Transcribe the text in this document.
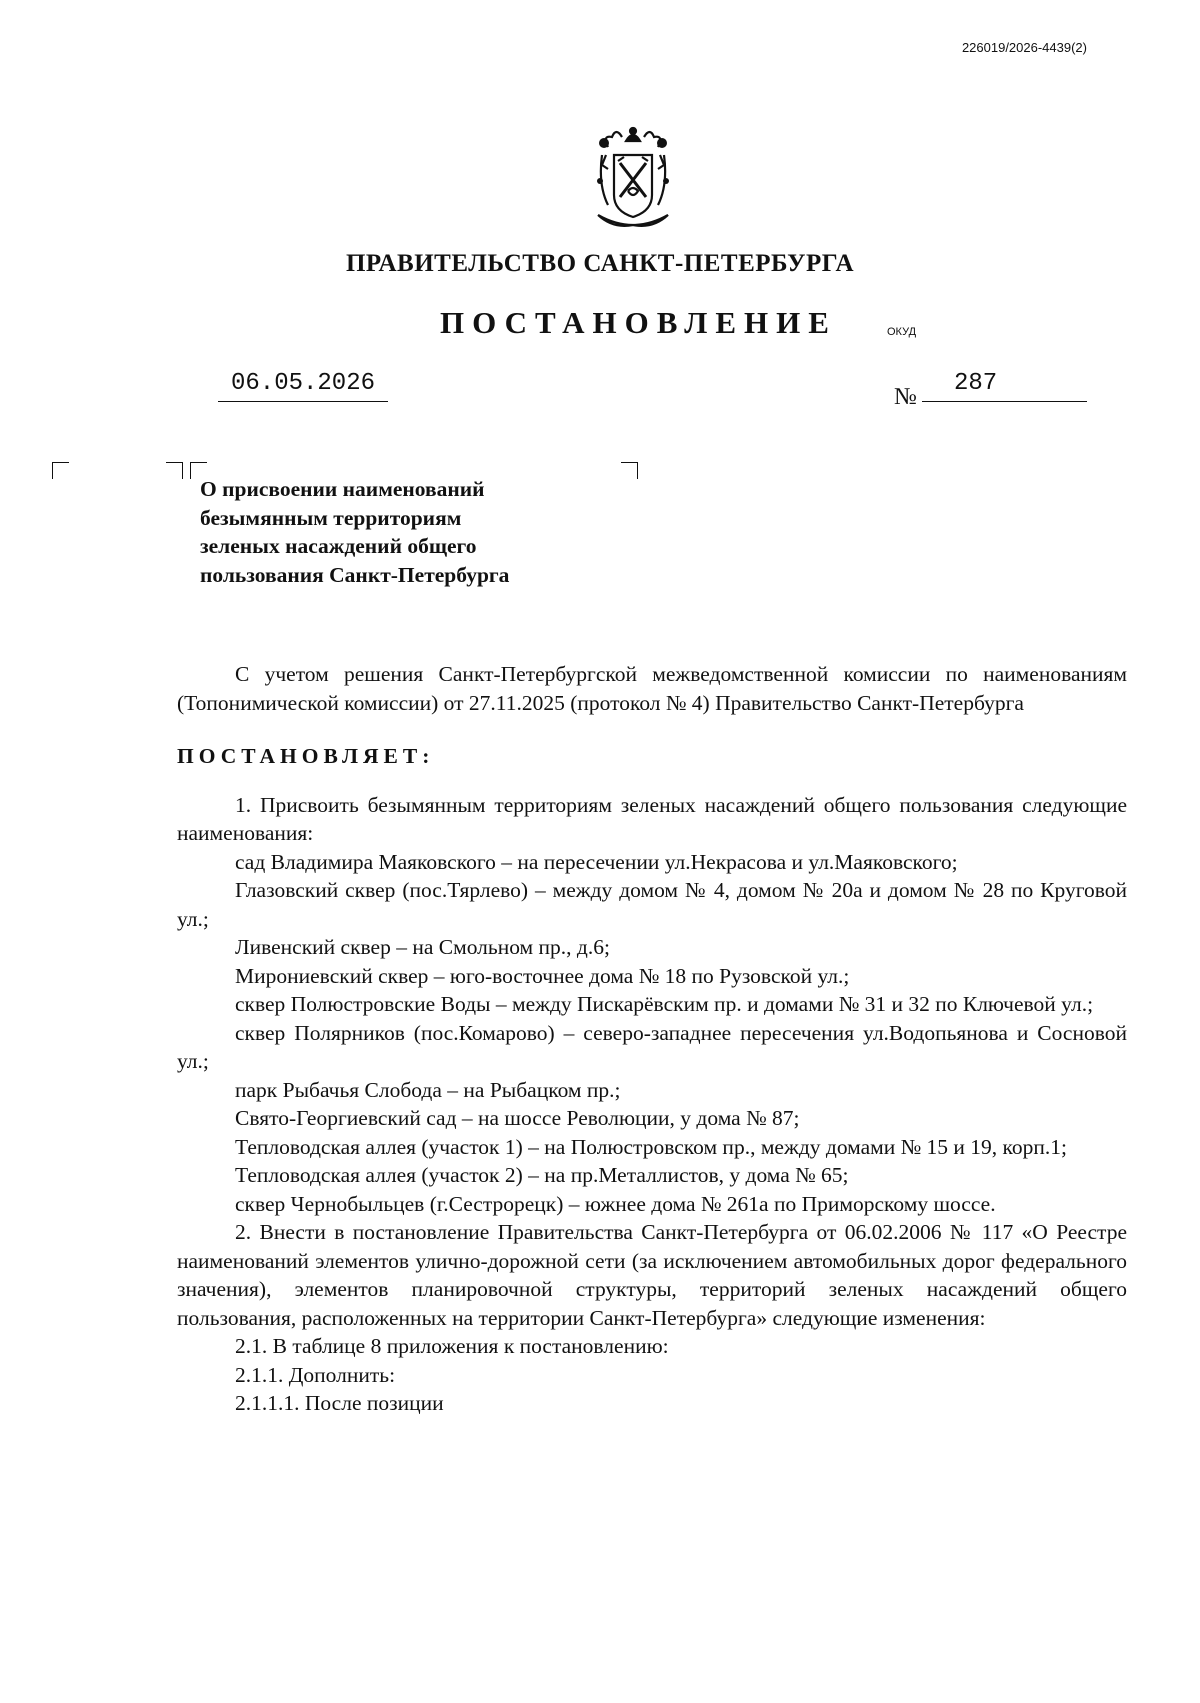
226019/2026-4439(2)
ПРАВИТЕЛЬСТВО САНКТ-ПЕТЕРБУРГА
ПОСТАНОВЛЕНИЕ	ОКУД
06.05.2026	№	287
О присвоении наименований
безымянным территориям
зеленых насаждений общего
пользования Санкт-Петербурга

С учетом решения Санкт-Петербургской межведомственной комиссии по наименованиям (Топонимической комиссии) от 27.11.2025 (протокол № 4) Правительство Санкт-Петербурга

ПОСТАНОВЛЯЕТ:

1. Присвоить безымянным территориям зеленых насаждений общего пользования следующие наименования:

сад Владимира Маяковского – на пересечении ул.Некрасова и ул.Маяковского;

Глазовский сквер (пос.Тярлево) – между домом № 4, домом № 20а и домом № 28 по Круговой ул.;

Ливенский сквер – на Смольном пр., д.6;

Мирониевский сквер – юго-восточнее дома № 18 по Рузовской ул.;

сквер Полюстровские Воды – между Пискарёвским пр. и домами № 31 и 32 по Ключевой ул.;

сквер Полярников (пос.Комарово) – северо-западнее пересечения ул.Водопьянова и Сосновой ул.;

парк Рыбачья Слобода – на Рыбацком пр.;

Свято-Георгиевский сад – на шоссе Революции, у дома № 87;

Тепловодская аллея (участок 1) – на Полюстровском пр., между домами № 15 и 19, корп.1;

Тепловодская аллея (участок 2) – на пр.Металлистов, у дома № 65;

сквер Чернобыльцев (г.Сестрорецк) – южнее дома № 261а по Приморскому шоссе.

2. Внести в постановление Правительства Санкт-Петербурга от 06.02.2006 № 117 «О Реестре наименований элементов улично-дорожной сети (за исключением автомобильных дорог федерального значения), элементов планировочной структуры, территорий зеленых насаждений общего пользования, расположенных на территории Санкт-Петербурга» следующие изменения:

2.1. В таблице 8 приложения к постановлению:

2.1.1. Дополнить:

2.1.1.1. После позиции
